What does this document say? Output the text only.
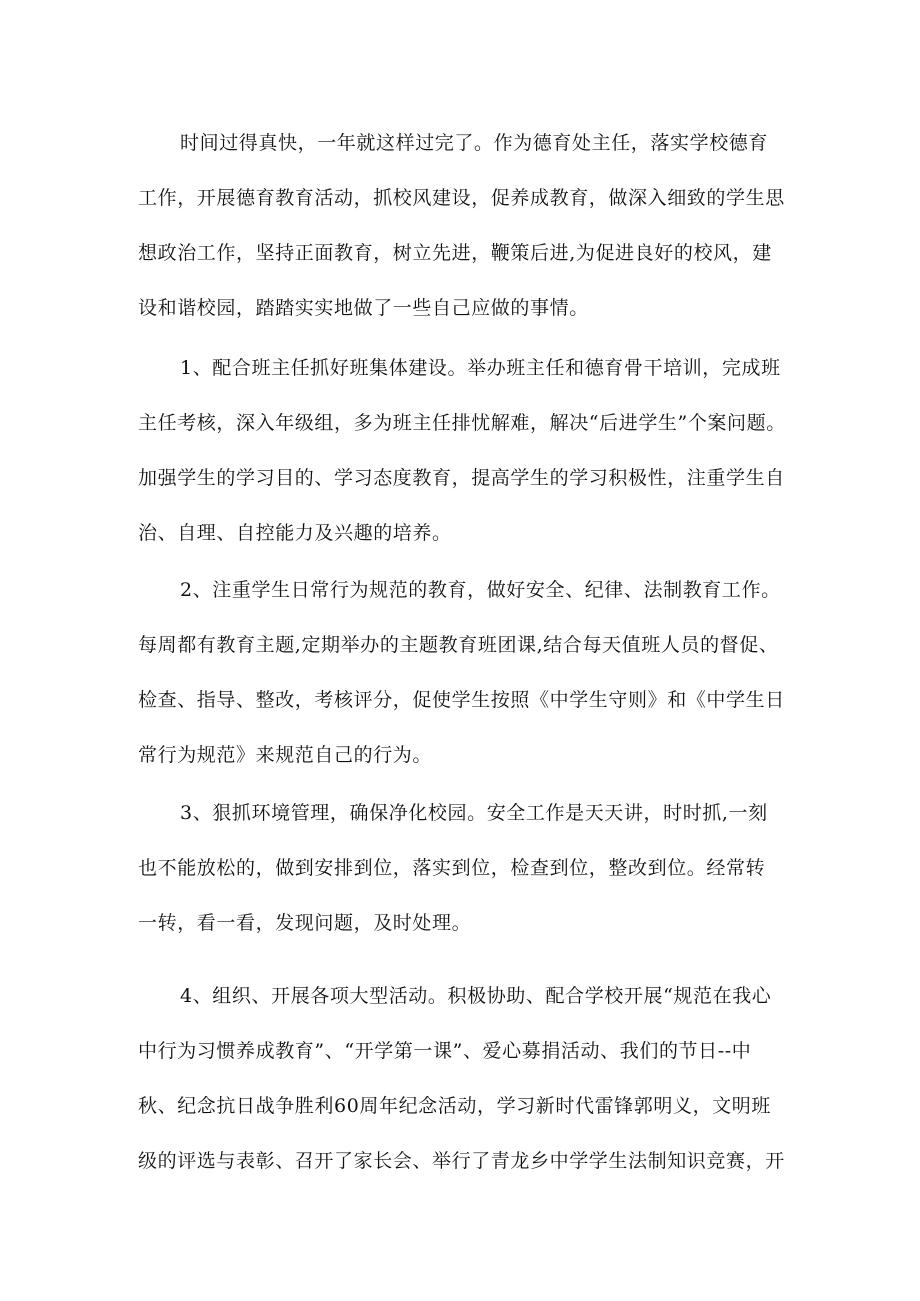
时间过得真快，一年就这样过完了。作为德育处主任，落实学校德育
工作，开展德育教育活动，抓校风建设，促养成教育，做深入细致的学生思
想政治工作，坚持正面教育，树立先进，鞭策后进,为促进良好的校风，建
设和谐校园，踏踏实实地做了一些自己应做的事情。
1、配合班主任抓好班集体建设。举办班主任和德育骨干培训，完成班
主任考核，深入年级组，多为班主任排忧解难，解决“后进学生”个案问题。
加强学生的学习目的、学习态度教育，提高学生的学习积极性，注重学生自
治、自理、自控能力及兴趣的培养。
2、注重学生日常行为规范的教育，做好安全、纪律、法制教育工作。
每周都有教育主题,定期举办的主题教育班团课,结合每天值班人员的督促、
检查、指导、整改，考核评分，促使学生按照《中学生守则》和《中学生日
常行为规范》来规范自己的行为。
3、狠抓环境管理，确保净化校园。安全工作是天天讲，时时抓,一刻
也不能放松的，做到安排到位，落实到位，检查到位，整改到位。经常转
一转，看一看，发现问题，及时处理。
4、组织、开展各项大型活动。积极协助、配合学校开展“规范在我心
中行为习惯养成教育”、“开学第一课”、爱心募捐活动、我们的节日--中
秋、纪念抗日战争胜利60周年纪念活动，学习新时代雷锋郭明义，文明班
级的评选与表彰、召开了家长会、举行了青龙乡中学学生法制知识竞赛，开
